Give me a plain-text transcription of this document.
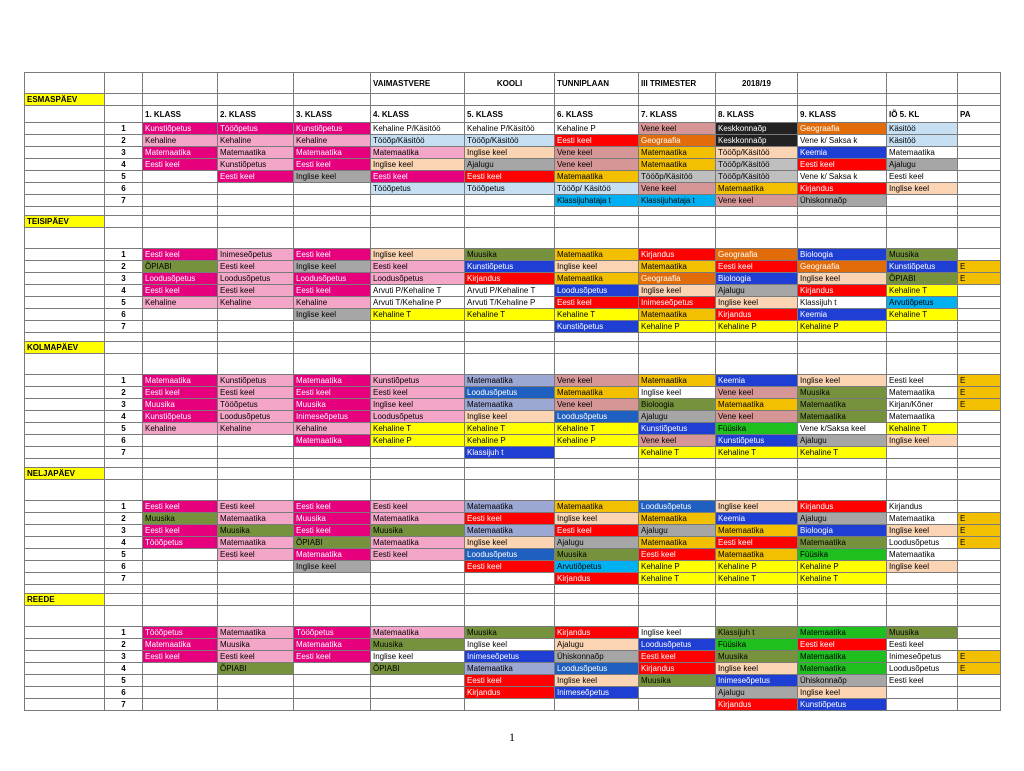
					VAIMASTVERE	KOOLI	TUNNIPLAAN	III TRIMESTER	2018/19			
ESMASPÄEV												
		1. KLASS	2. KLASS	3. KLASS	4. KLASS	5. KLASS	6. KLASS	7. KLASS	8. KLASS	9. KLASS	IÕ 5. KL	PA
	1	Kunstiõpetus	Tööõpetus	Kunstiõpetus	Kehaline P/Käsitöö	Kehaline P/Käsitöö	Kehaline P	Vene keel	Keskkonnaõp	Geograafia	Käsitöö	
	2	Kehaline	Kehaline	Kehaline	Tööõp/Käsitöö	Tööõp/Käsitöö	Eesti keel	Geograafia	Keskkonnaõp	Vene k/ Saksa k	Käsitöö	
	3	Matemaatika	Matemaatika	Matemaatika	Matemaatika	Inglise keel	Vene keel	Matemaatika	Tööõp/Käsitöö	Keemia	Matemaatika	
	4	Eesti keel	Kunstiõpetus	Eesti keel	Inglise keel	Ajalugu	Vene keel	Matemaatika	Tööõp/Käsitöö	Eesti keel	Ajalugu	
	5		Eesti keel	Inglise keel	Eesti keel	Eesti keel	Matemaatika	Tööõp/Käsitöö	Tööõp/Käsitöö	Vene k/ Saksa k	Eesti keel	
	6				Tööõpetus	Tööõpetus	Tööõp/ Käsitöö	Vene keel	Matemaatika	Kirjandus	Inglise keel	
	7						Klassijuhataja t	Klassijuhataja t	Vene keel	Ühiskonnaõp		

TEISIPÄEV												

	1	Eesti keel	Inimeseõpetus	Eesti keel	Inglise keel	Muusika	Matemaatika	Kirjandus	Geograafia	Bioloogia	Muusika	
	2	ÕPIABI	Eesti keel	Inglise keel	Eesti keel	Kunstiõpetus	Inglise keel	Matemaatika	Eesti keel	Geograafia	Kunstiõpetus	E
	3	Loodusõpetus	Loodusõpetus	Loodusõpetus	Loodusõpetus	Kirjandus	Matemaatika	Geograafia	Bioloogia	Inglise keel	ÕPIABI	E
	4	Eesti keel	Eesti keel	Eesti keel	Arvuti P/Kehaline T	Arvuti P/Kehaline T	Loodusõpetus	Inglise keel	Ajalugu	Kirjandus	Kehaline T	
	5	Kehaline	Kehaline	Kehaline	Arvuti T/Kehaline P	Arvuti T/Kehaline P	Eesti keel	Inimeseõpetus	Inglise keel	Klassijuh t	Arvutiõpetus	
	6			Inglise keel	Kehaline T	Kehaline T	Kehaline T	Matemaatika	Kirjandus	Keemia	Kehaline T	
	7						Kunstiõpetus	Kehaline P	Kehaline P	Kehaline P		

KOLMAPÄEV												

	1	Matemaatika	Kunstiõpetus	Matemaatika	Kunstiõpetus	Matemaatika	Vene keel	Matemaatika	Keemia	Inglise keel	Eesti keel	E
	2	Eesti keel	Eesti keel	Eesti keel	Eesti keel	Loodusõpetus	Matemaatika	Inglise keel	Vene keel	Muusika	Matemaatika	E
	3	Muusika	Tööõpetus	Muusika	Inglise keel	Matemaatika	Vene keel	Bioloogia	Matemaatika	Matemaatika	Kirjan/Kõner	E
	4	Kunstiõpetus	Loodusõpetus	Inimeseõpetus	Loodusõpetus	Inglise keel	Loodusõpetus	Ajalugu	Vene keel	Matemaatika	Matemaatika	
	5	Kehaline	Kehaline	Kehaline	Kehaline T	Kehaline T	Kehaline T	Kunstiõpetus	Füüsika	Vene k/Saksa keel	Kehaline T	
	6			Matemaatika	Kehaline P	Kehaline P	Kehaline P	Vene keel	Kunstiõpetus	Ajalugu	Inglise keel	
	7					Klassijuh t		Kehaline T	Kehaline T	Kehaline T		

NELJAPÄEV												

	1	Eesti keel	Eesti keel	Eesti keel	Eesti keel	Matemaatika	Matemaatika	Loodusõpetus	Inglise keel	Kirjandus	Kirjandus	
	2	Muusika	Matemaatika	Muusika	Matemaatika	Eesti keel	Inglise keel	Matemaatika	Keemia	Ajalugu	Matemaatika	E
	3	Eesti keel	Muusika	Eesti keel	Muusika	Matemaatika	Eesti keel	Ajalugu	Matemaatika	Bioloogia	Inglise keel	E
	4	Tööõpetus	Matemaatika	ÕPIABI	Matemaatika	Inglise keel	Ajalugu	Matemaatika	Eesti keel	Matemaatika	Loodusõpetus	E
	5		Eesti keel	Matemaatika	Eesti keel	Loodusõpetus	Muusika	Eesti keel	Matemaatika	Füüsika	Matemaatika	
	6			Inglise keel		Eesti keel	Arvutiõpetus	Kehaline P	Kehaline P	Kehaline P	Inglise keel	
	7						Kirjandus	Kehaline T	Kehaline T	Kehaline T		

REEDE												

	1	Tööõpetus	Matemaatika	Tööõpetus	Matemaatika	Muusika	Kirjandus	Inglise keel	Klassijuh t	Matemaatika	Muusika	
	2	Matemaatika	Muusika	Matemaatika	Muusika	Inglise keel	Ajalugu	Loodusõpetus	Füüsika	Eesti keel	Eesti keel	
	3	Eesti keel	Eesti keel	Eesti keel	Inglise keel	Inimeseõpetus	Ühiskonnaõp	Eesti keel	Muusika	Matemaatika	Inimeseõpetus	E
	4		ÕPIABI		ÕPIABI	Matemaatika	Loodusõpetus	Kirjandus	Inglise keel	Matemaatika	Loodusõpetus	E
	5					Eesti keel	Inglise keel	Muusika	Inimeseõpetus	Ühiskonnaõp	Eesti keel	
	6					Kirjandus	Inimeseõpetus		Ajalugu	Inglise keel		
	7								Kirjandus	Kunstiõpetus		
1
